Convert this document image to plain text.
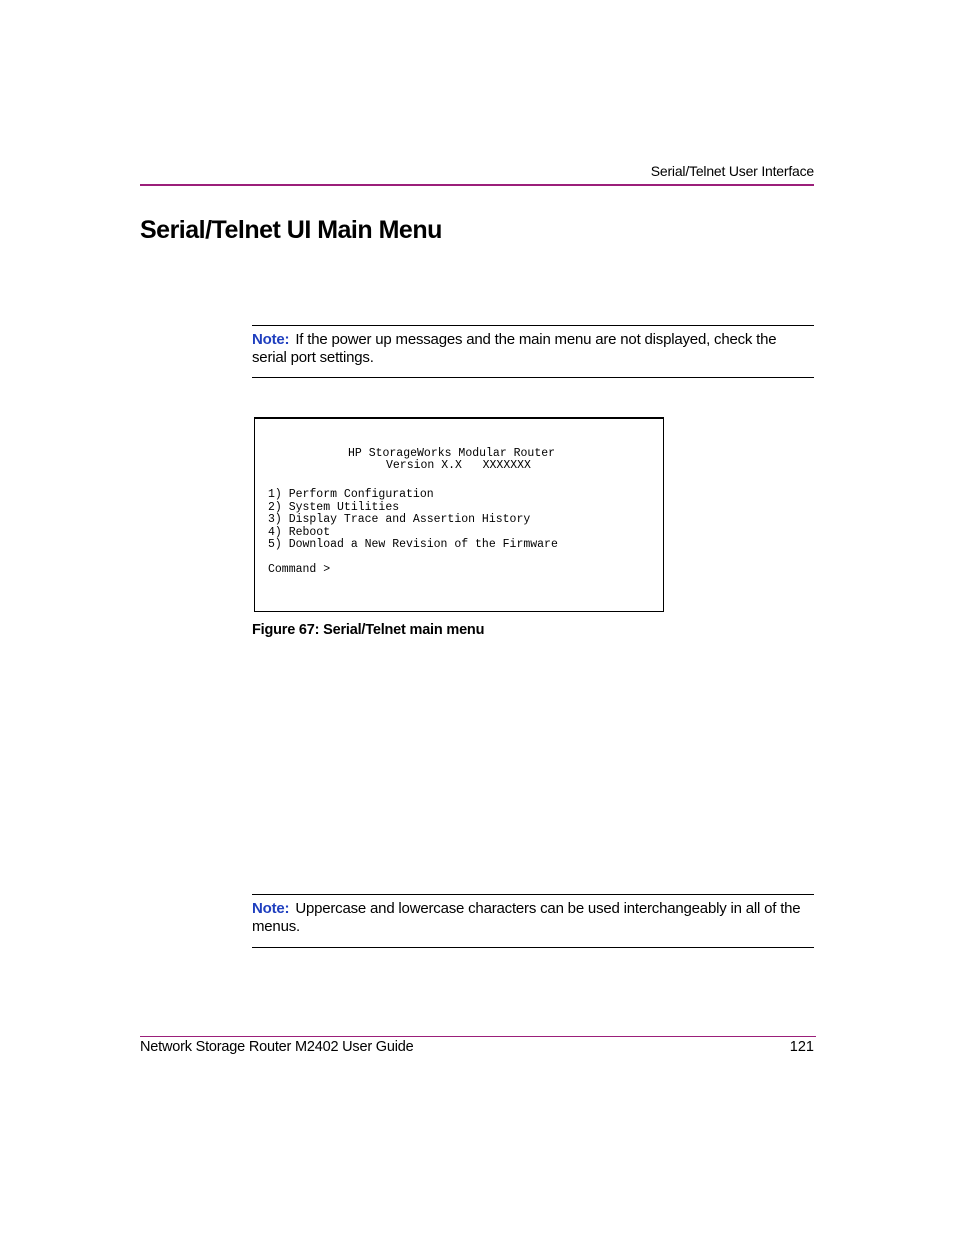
Serial/Telnet User Interface
Serial/Telnet UI Main Menu
Note: If the power up messages and the main menu are not displayed, check the serial port settings.
HP StorageWorks Modular Router
Version X.X   XXXXXXX
1) Perform Configuration
2) System Utilities
3) Display Trace and Assertion History
4) Reboot
5) Download a New Revision of the Firmware
Command >
Figure 67: Serial/Telnet main menu
Note: Uppercase and lowercase characters can be used interchangeably in all of the menus.
Network Storage Router M2402 User Guide	121
